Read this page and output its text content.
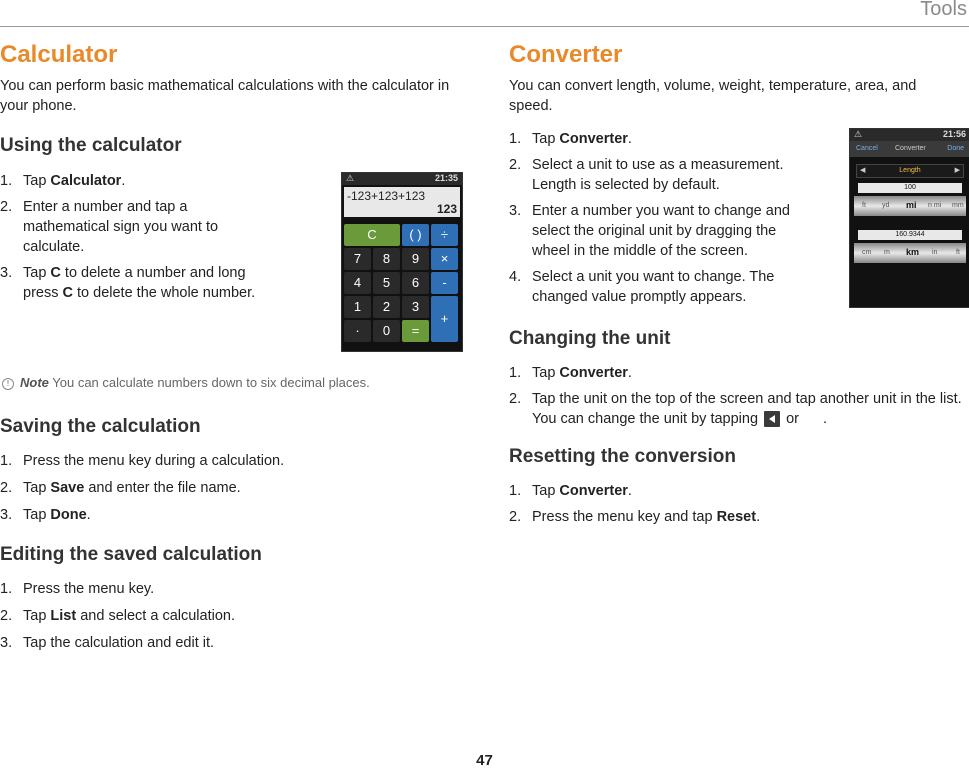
Tools
Calculator

You can perform basic mathematical calculations with the calculator in your phone.

Using the calculator
1. Tap Calculator.
2. Enter a number and tap a mathematical sign you want to calculate.
3. Tap C to delete a number and long press C to delete the whole number.
! Note You can calculate numbers down to six decimal places.
Saving the calculation
1. Press the menu key during a calculation.
2. Tap Save and enter the file name.
3. Tap Done.
Editing the saved calculation
1. Press the menu key.
2. Tap List and select a calculation.
3. Tap the calculation and edit it.
⚠	21:35
-123+123+123
123
C	( )	÷
7	8	9	×
4	5	6	-
1	2	3
+
·	0	=
Converter

You can convert length, volume, weight, temperature, area, and speed.

1. Tap Converter.
2. Select a unit to use as a measurement. Length is selected by default.
3. Enter a number you want to change and select the original unit by dragging the wheel in the middle of the screen.
4. Select a unit you want to change. The changed value promptly appears.
Changing the unit
1. Tap Converter.
2. Tap the unit on the top of the screen and tap another unit in the list. You can change the unit by tapping  or .
Resetting the conversion
1. Tap Converter.
2. Press the menu key and tap Reset.
⚠	21:56
Cancel Converter	Done
◀	Length	▶
100
ft yd mi n mi mm
160.9344
cm m km in	ft
47
